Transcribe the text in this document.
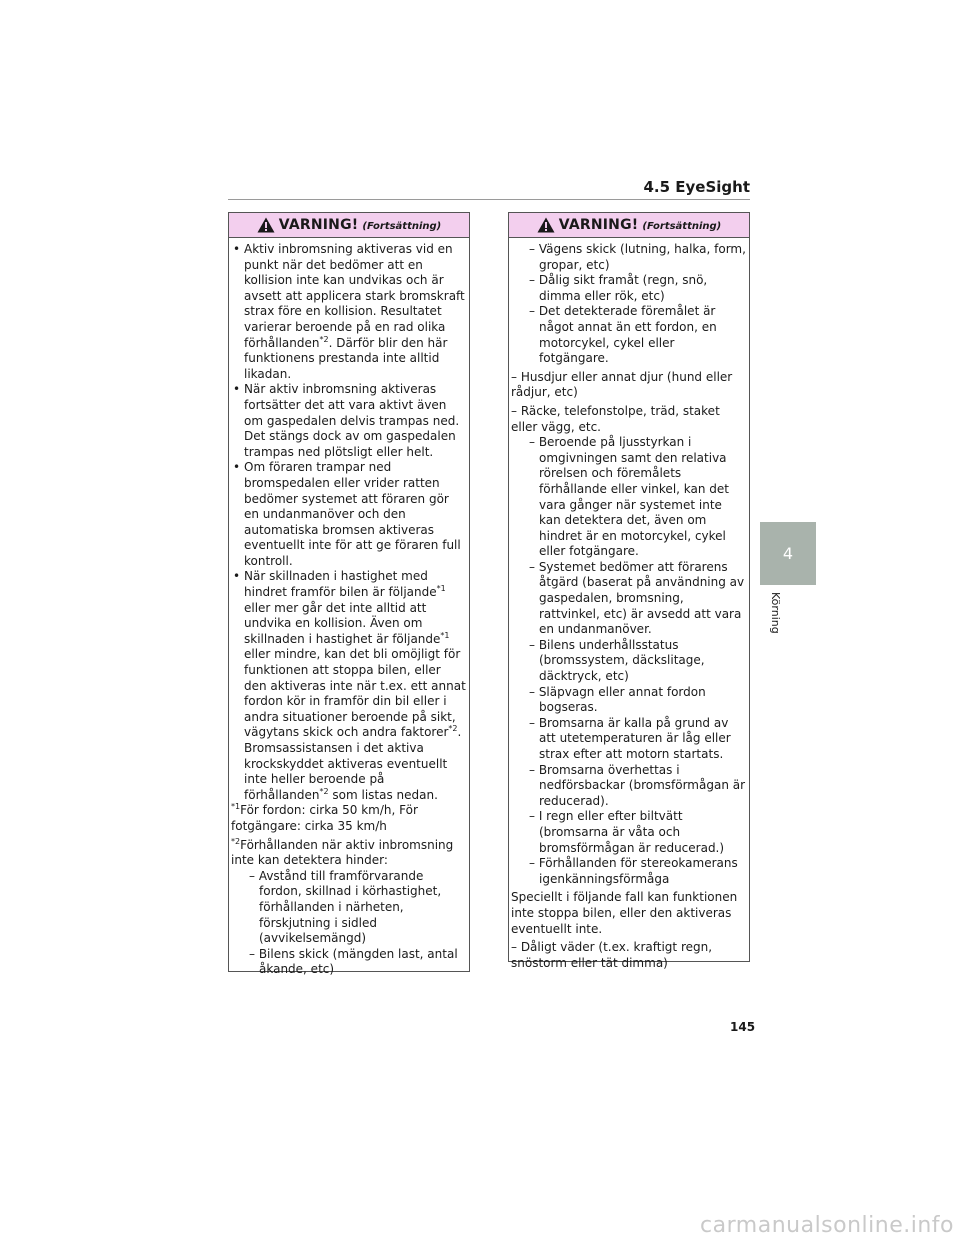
4.5 EyeSight
VARNING! (Fortsättning)

• Aktiv inbromsning aktiveras vid en punkt när det bedömer att en kollision inte kan undvikas och är avsett att applicera stark bromskraft strax före en kollision. Resultatet varierar beroende på en rad olika förhållanden$^{*2}$. Därför blir den här funktionens prestanda inte alltid likadan.

• När aktiv inbromsning aktiveras fortsätter det att vara aktivt även om gaspedalen delvis trampas ned. Det stängs dock av om gaspedalen trampas ned plötsligt eller helt.

• Om föraren trampar ned bromspedalen eller vrider ratten bedömer systemet att föraren gör en undanmanöver och den automatiska bromsen aktiveras eventuellt inte för att ge föraren full kontroll.

• När skillnaden i hastighet med hindret framför bilen är följande$^{*1}$ eller mer går det inte alltid att undvika en kollision. Även om skillnaden i hastighet är följande$^{*1}$ eller mindre, kan det bli omöjligt för funktionen att stoppa bilen, eller den aktiveras inte när t.ex. ett annat fordon kör in framför din bil eller i andra situationer beroende på sikt, vägytans skick och andra faktorer$^{*2}$. Bromsassistansen i det aktiva krockskyddet aktiveras eventuellt inte heller beroende på förhållanden$^{*2}$ som listas nedan.

$^{*1}$För fordon: cirka 50 km/h, För fotgängare: cirka 35 km/h

$^{*2}$Förhållanden när aktiv inbromsning inte kan detektera hinder:

– Avstånd till framförvarande fordon, skillnad i körhastighet, förhållanden i närheten, förskjutning i sidled (avvikelsemängd)

– Bilens skick (mängden last, antal åkande, etc)

VARNING! (Fortsättning)

– Vägens skick (lutning, halka, form, gropar, etc)

– Dålig sikt framåt (regn, snö, dimma eller rök, etc)

– Det detekterade föremålet är något annat än ett fordon, en motorcykel, cykel eller fotgängare.

– Husdjur eller annat djur (hund eller rådjur, etc)

– Räcke, telefonstolpe, träd, staket eller vägg, etc.

– Beroende på ljusstyrkan i omgivningen samt den relativa rörelsen och föremålets förhållande eller vinkel, kan det vara gånger när systemet inte kan detektera det, även om hindret är en motorcykel, cykel eller fotgängare.

– Systemet bedömer att förarens åtgärd (baserat på användning av gaspedalen, bromsning, rattvinkel, etc) är avsedd att vara en undanmanöver.

– Bilens underhållsstatus (bromssystem, däckslitage, däcktryck, etc)

– Släpvagn eller annat fordon bogseras.

– Bromsarna är kalla på grund av att utetemperaturen är låg eller strax efter att motorn startats.

– Bromsarna överhettas i nedförsbackar (bromsförmågan är reducerad).

– I regn eller efter biltvätt (bromsarna är våta och bromsförmågan är reducerad.)

– Förhållanden för stereokamerans igenkänningsförmåga

Speciellt i följande fall kan funktionen inte stoppa bilen, eller den aktiveras eventuellt inte.

– Dåligt väder (t.ex. kraftigt regn, snöstorm eller tät dimma)

4
Körning
145
carmanualsonline.info
